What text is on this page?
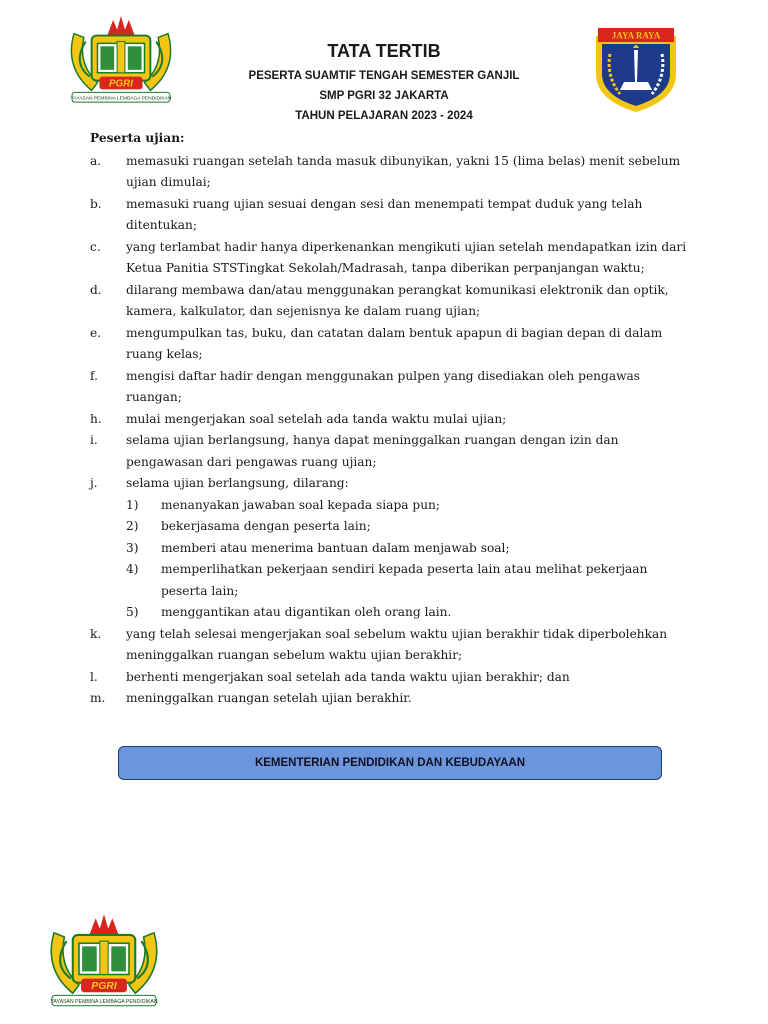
PGRI
YAYASAN PEMBINA LEMBAGA PENDIDIKAN
JAYA RAYA
TATA TERTIB
PESERTA SUAMTIF TENGAH SEMESTER GANJIL
SMP PGRI 32 JAKARTA
TAHUN PELAJARAN 2023 - 2024
Peserta ujian:
a. memasuki ruangan setelah tanda masuk dibunyikan, yakni 15 (lima belas) menit sebelum ujian dimulai;
b. memasuki ruang ujian sesuai dengan sesi dan menempati tempat duduk yang telah ditentukan;
c. yang terlambat hadir hanya diperkenankan mengikuti ujian setelah mendapatkan izin dari Ketua Panitia STSTingkat Sekolah/Madrasah, tanpa diberikan perpanjangan waktu;
d. dilarang membawa dan/atau menggunakan perangkat komunikasi elektronik dan optik, kamera, kalkulator, dan sejenisnya ke dalam ruang ujian;
e. mengumpulkan tas, buku, dan catatan dalam bentuk apapun di bagian depan di dalam ruang kelas;
f. mengisi daftar hadir dengan menggunakan pulpen yang disediakan oleh pengawas ruangan;
h. mulai mengerjakan soal setelah ada tanda waktu mulai ujian;
i. selama ujian berlangsung, hanya dapat meninggalkan ruangan dengan izin dan pengawasan dari pengawas ruang ujian;
j. selama ujian berlangsung, dilarang:
1) menanyakan jawaban soal kepada siapa pun;
2) bekerjasama dengan peserta lain;
3) memberi atau menerima bantuan dalam menjawab soal;
4) memperlihatkan pekerjaan sendiri kepada peserta lain atau melihat pekerjaan peserta lain;
5) menggantikan atau digantikan oleh orang lain.
k. yang telah selesai mengerjakan soal sebelum waktu ujian berakhir tidak diperbolehkan meninggalkan ruangan sebelum waktu ujian berakhir;
l. berhenti mengerjakan soal setelah ada tanda waktu ujian berakhir; dan
m. meninggalkan ruangan setelah ujian berakhir.
KEMENTERIAN PENDIDIKAN DAN KEBUDAYAAN
PGRI
YAYASAN PEMBINA LEMBAGA PENDIDIKAN
